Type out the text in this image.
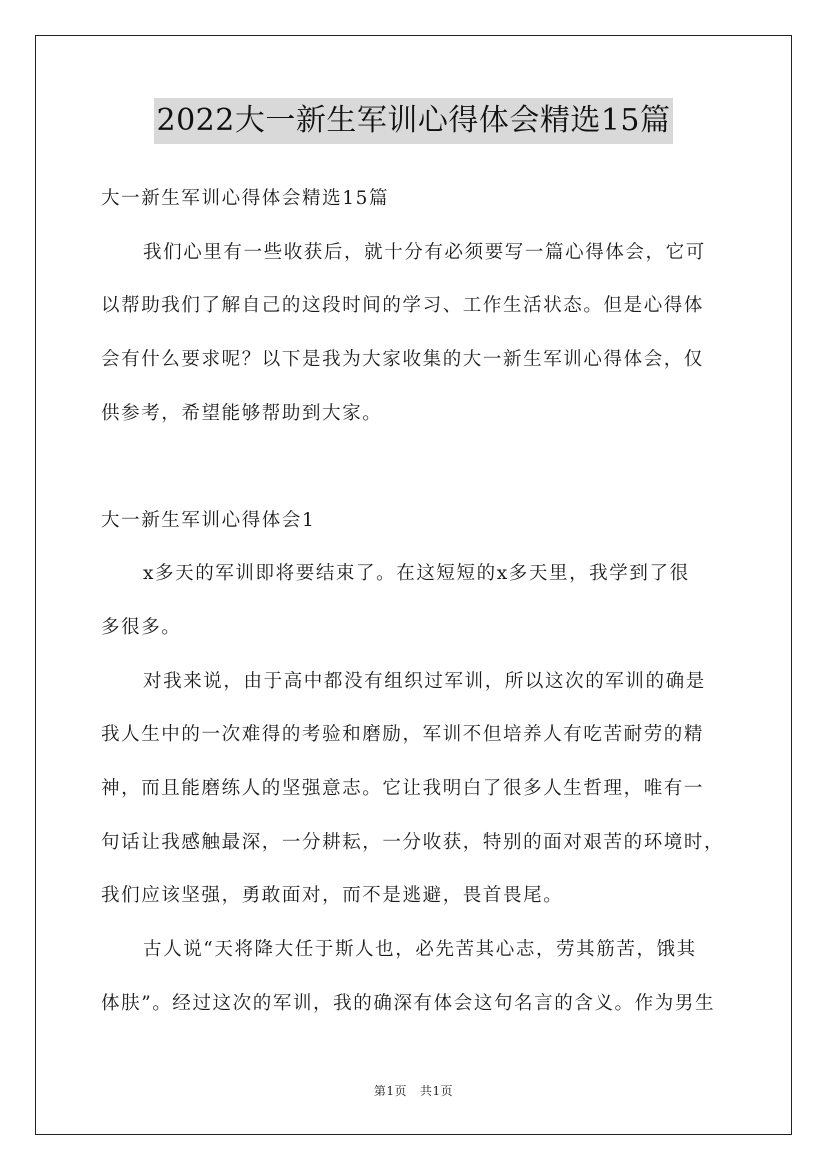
2022大一新生军训心得体会精选15篇
大一新生军训心得体会精选15篇
我们心里有一些收获后，就十分有必须要写一篇心得体会，它可
以帮助我们了解自己的这段时间的学习、工作生活状态。但是心得体
会有什么要求呢？以下是我为大家收集的大一新生军训心得体会，仅
供参考，希望能够帮助到大家。
大一新生军训心得体会1
x多天的军训即将要结束了。在这短短的x多天里，我学到了很
多很多。
对我来说，由于高中都没有组织过军训，所以这次的军训的确是
我人生中的一次难得的考验和磨励，军训不但培养人有吃苦耐劳的精
神，而且能磨练人的坚强意志。它让我明白了很多人生哲理，唯有一
句话让我感触最深，一分耕耘，一分收获，特别的面对艰苦的环境时，
我们应该坚强，勇敢面对，而不是逃避，畏首畏尾。
古人说“天将降大任于斯人也，必先苦其心志，劳其筋苦，饿其
体肤”。经过这次的军训，我的确深有体会这句名言的含义。作为男生
第1页 共1页
